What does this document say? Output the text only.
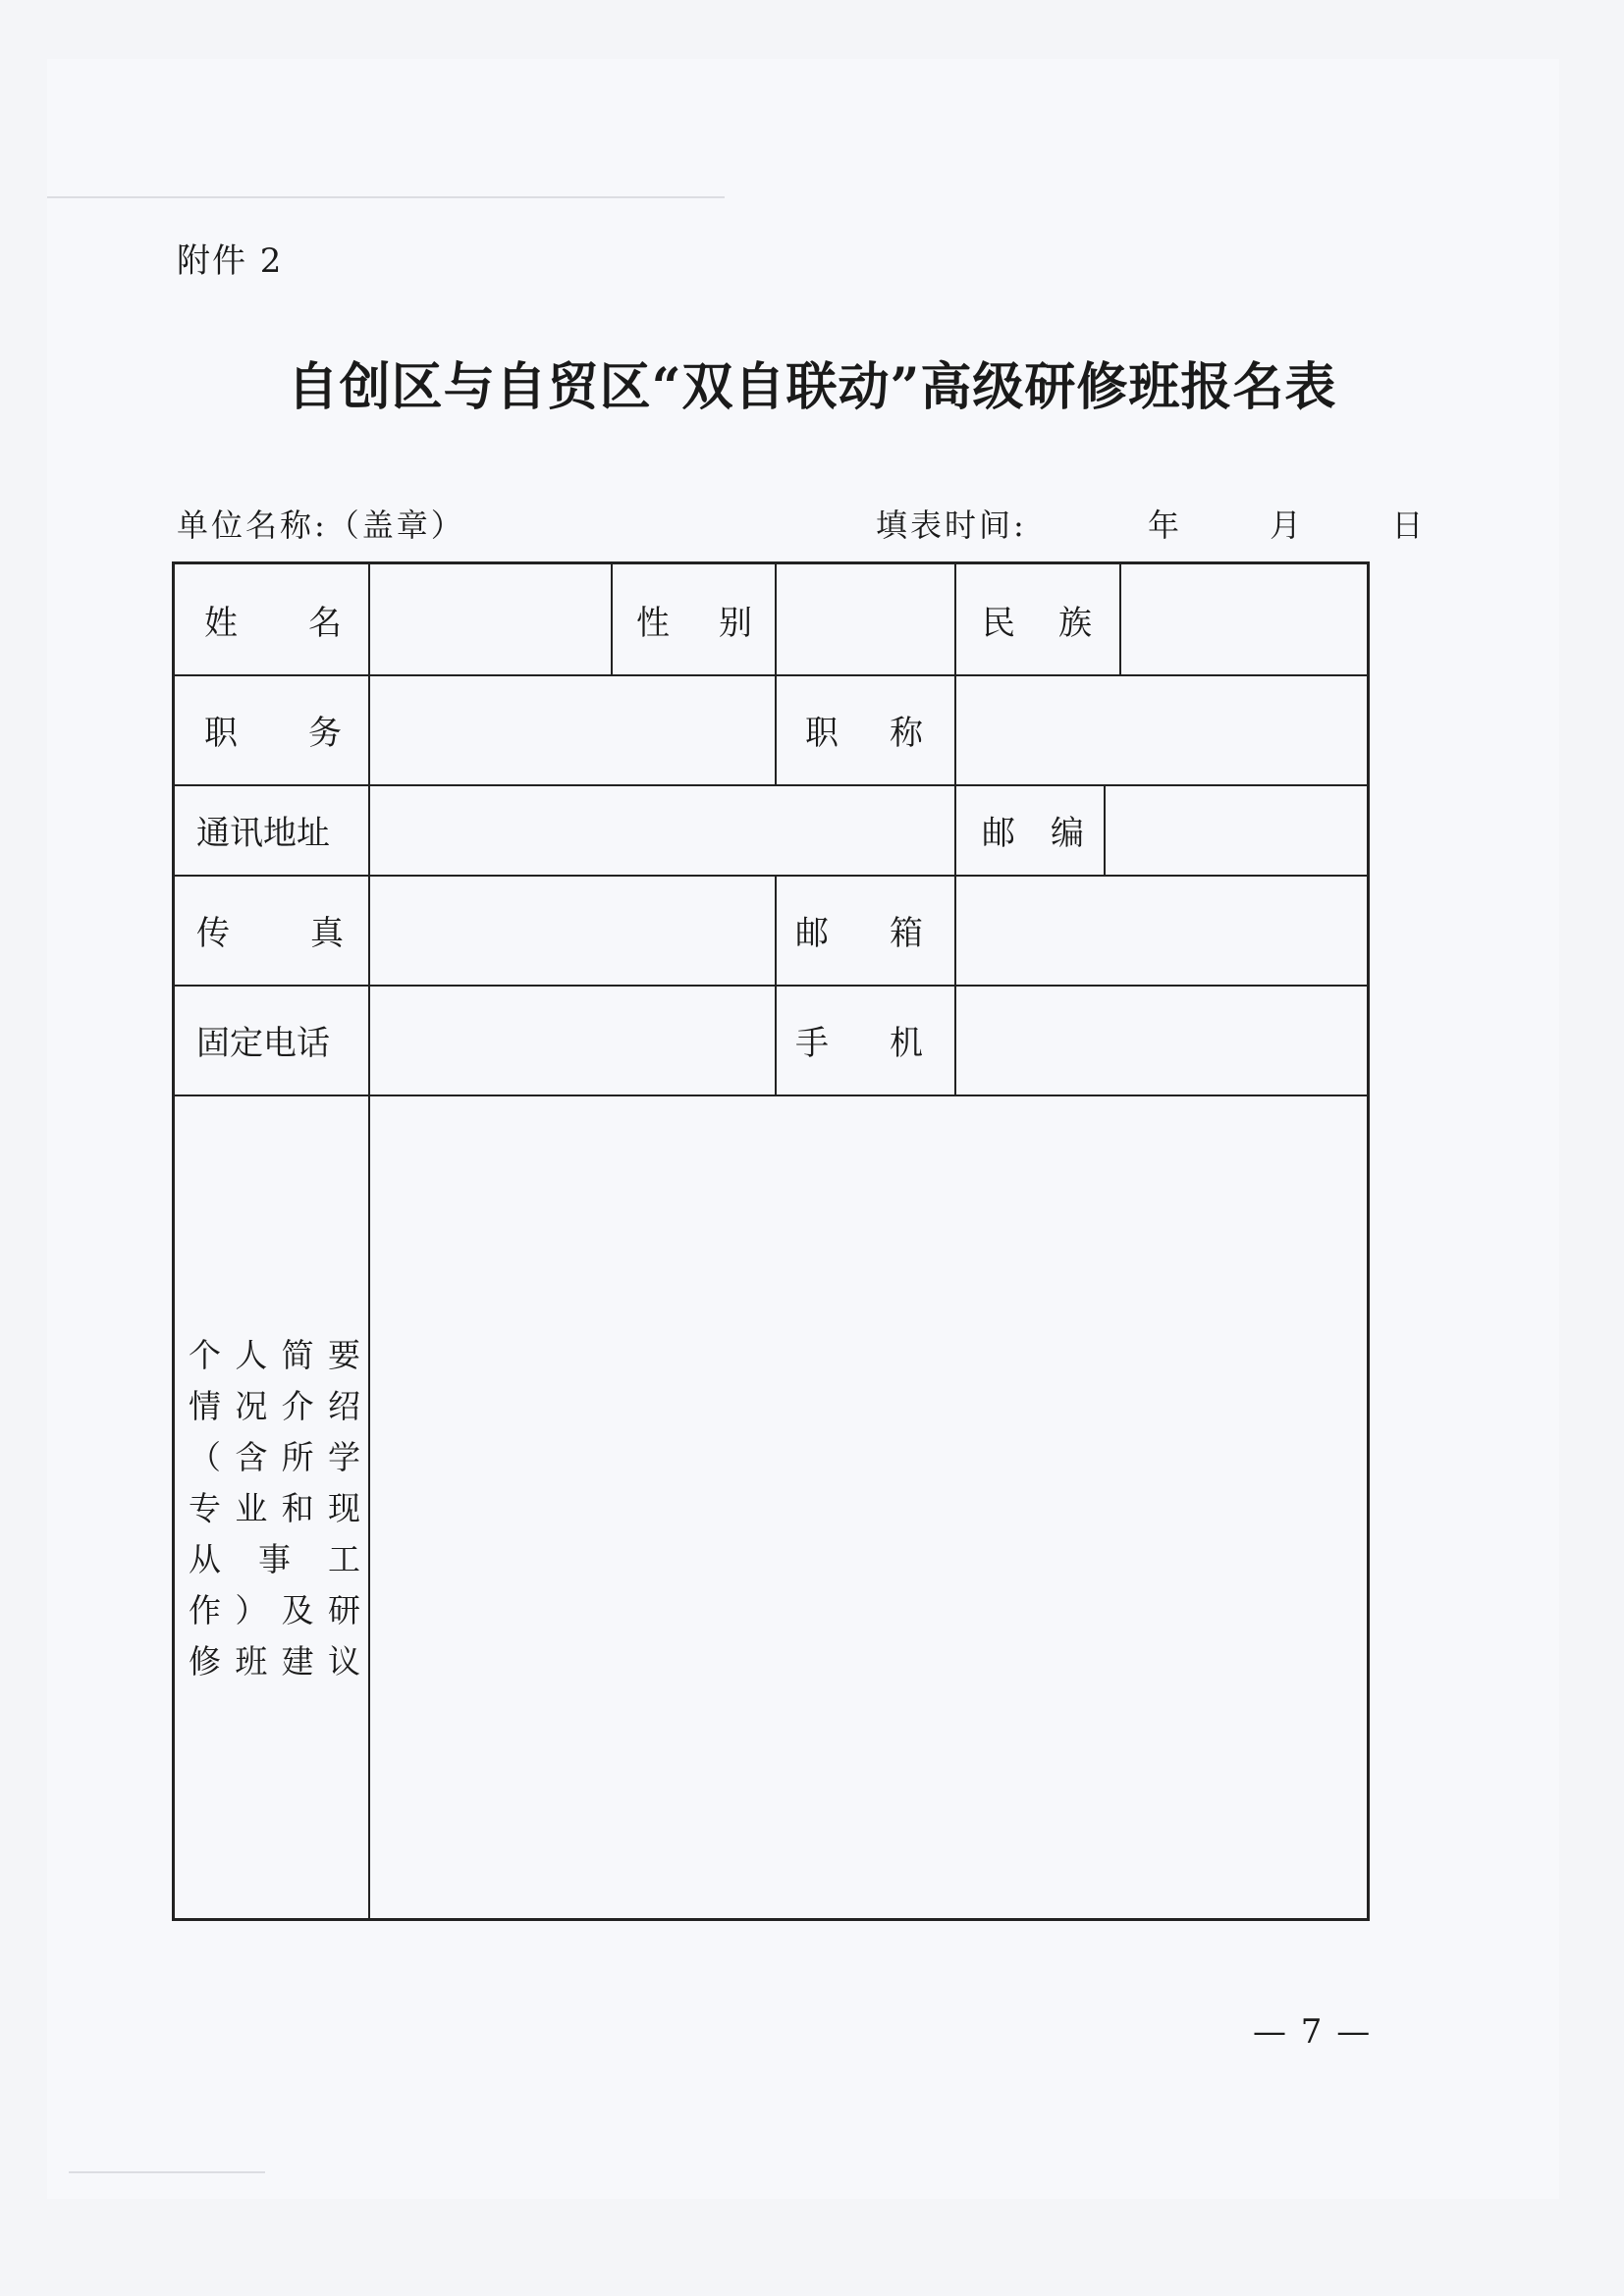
附件 2
自创区与自贸区“双自联动”高级研修班报名表
单位名称:（盖章）	填表时间:	年	月	日
姓 名	性 别	民 族
职 务	职 称
通讯地址	邮 编
传 真	邮 箱
固定电话	手 机
个 人 简 要
情 况 介 绍
（ 含 所 学
专 业 和 现
从 事 工
作 ） 及 研
修 班 建 议
— 7 —
